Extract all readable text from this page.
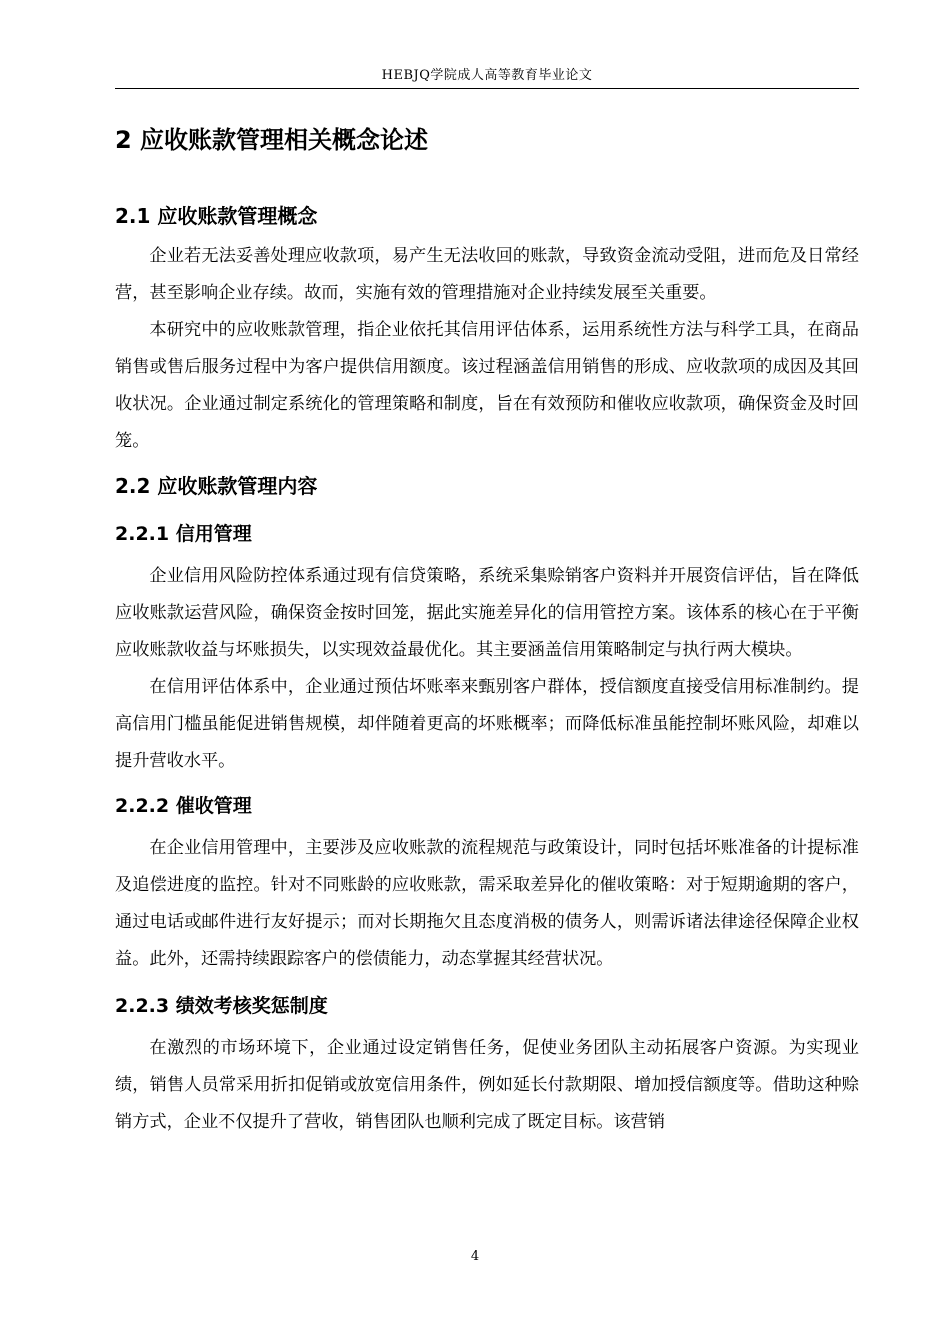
HEBJQ学院成人高等教育毕业论文
2 应收账款管理相关概念论述
2.1 应收账款管理概念

企业若无法妥善处理应收款项，易产生无法收回的账款，导致资金流动受阻，进而危及日常经营，甚至影响企业存续。故而，实施有效的管理措施对企业持续发展至关重要。

本研究中的应收账款管理，指企业依托其信用评估体系，运用系统性方法与科学工具，在商品销售或售后服务过程中为客户提供信用额度。该过程涵盖信用销售的形成、应收款项的成因及其回收状况。企业通过制定系统化的管理策略和制度，旨在有效预防和催收应收款项，确保资金及时回笼。

2.2 应收账款管理内容
2.2.1 信用管理

企业信用风险防控体系通过现有信贷策略，系统采集赊销客户资料并开展资信评估，旨在降低应收账款运营风险，确保资金按时回笼，据此实施差异化的信用管控方案。该体系的核心在于平衡应收账款收益与坏账损失，以实现效益最优化。其主要涵盖信用策略制定与执行两大模块。

在信用评估体系中，企业通过预估坏账率来甄别客户群体，授信额度直接受信用标准制约。提高信用门槛虽能促进销售规模，却伴随着更高的坏账概率；而降低标准虽能控制坏账风险，却难以提升营收水平。

2.2.2 催收管理

在企业信用管理中，主要涉及应收账款的流程规范与政策设计，同时包括坏账准备的计提标准及追偿进度的监控。针对不同账龄的应收账款，需采取差异化的催收策略：对于短期逾期的客户，通过电话或邮件进行友好提示；而对长期拖欠且态度消极的债务人，则需诉诸法律途径保障企业权益。此外，还需持续跟踪客户的偿债能力，动态掌握其经营状况。

2.2.3 绩效考核奖惩制度

在激烈的市场环境下，企业通过设定销售任务，促使业务团队主动拓展客户资源。为实现业绩，销售人员常采用折扣促销或放宽信用条件，例如延长付款期限、增加授信额度等。借助这种赊销方式，企业不仅提升了营收，销售团队也顺利完成了既定目标。该营销

4
